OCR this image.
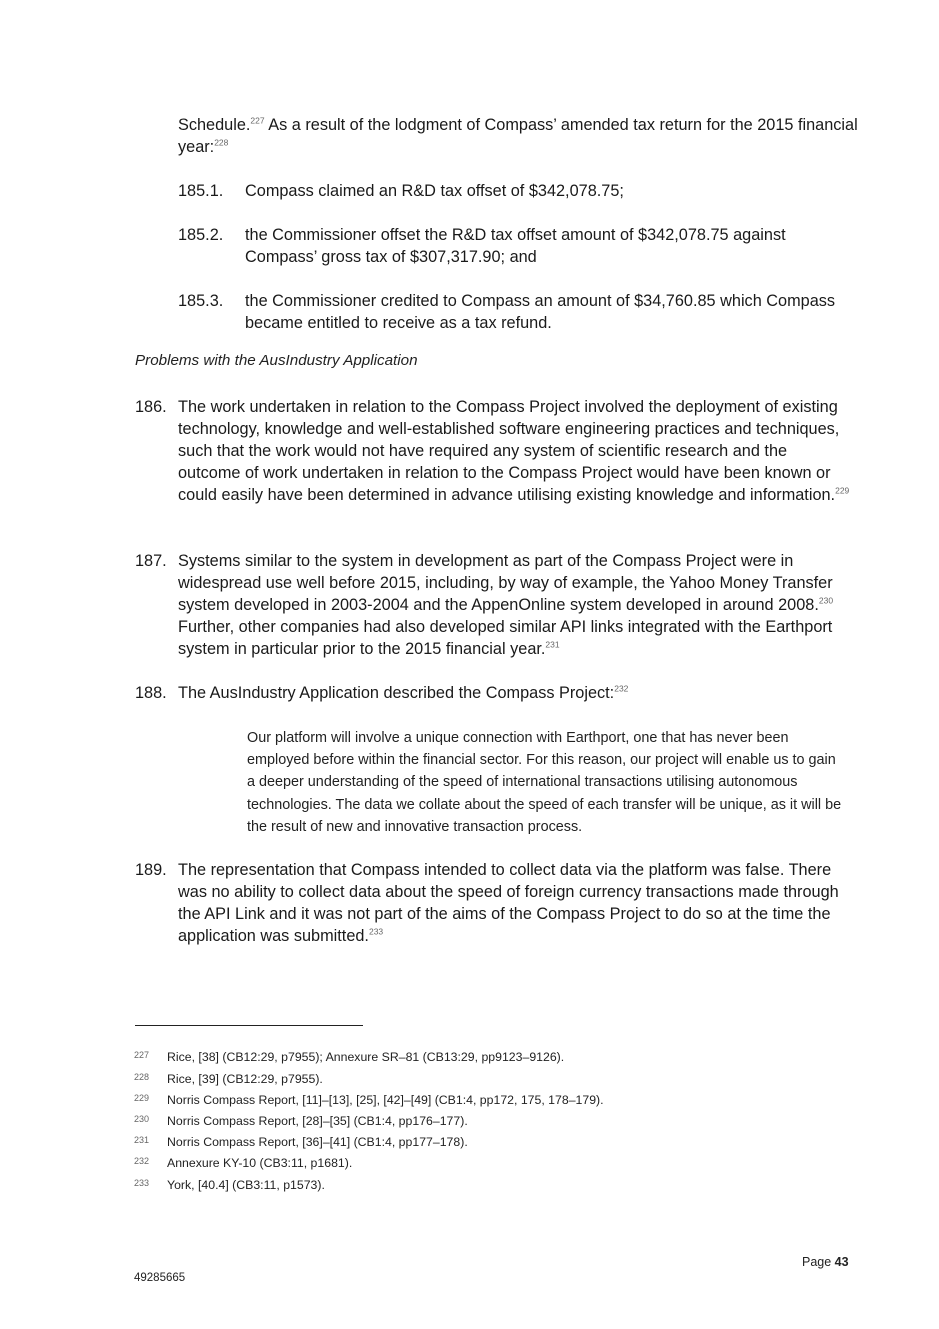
Schedule.$^{227}$ As a result of the lodgment of Compass’ amended tax return for the 2015 financial year:$^{228}$
185.1. Compass claimed an R&D tax offset of $342,078.75;
185.2. the Commissioner offset the R&D tax offset amount of $342,078.75 against Compass’ gross tax of $307,317.90; and
185.3. the Commissioner credited to Compass an amount of $34,760.85 which Compass became entitled to receive as a tax refund.
Problems with the AusIndustry Application
186. The work undertaken in relation to the Compass Project involved the deployment of existing technology, knowledge and well-established software engineering practices and techniques, such that the work would not have required any system of scientific research and the outcome of work undertaken in relation to the Compass Project would have been known or could easily have been determined in advance utilising existing knowledge and information.$^{229}$
187. Systems similar to the system in development as part of the Compass Project were in widespread use well before 2015, including, by way of example, the Yahoo Money Transfer system developed in 2003-2004 and the AppenOnline system developed in around 2008.$^{230}$ Further, other companies had also developed similar API links integrated with the Earthport system in particular prior to the 2015 financial year.$^{231}$
188. The AusIndustry Application described the Compass Project:$^{232}$
Our platform will involve a unique connection with Earthport, one that has never been employed before within the financial sector. For this reason, our project will enable us to gain a deeper understanding of the speed of international transactions utilising autonomous technologies. The data we collate about the speed of each transfer will be unique, as it will be the result of new and innovative transaction process.
189. The representation that Compass intended to collect data via the platform was false. There was no ability to collect data about the speed of foreign currency transactions made through the API Link and it was not part of the aims of the Compass Project to do so at the time the application was submitted.$^{233}$
227 Rice, [38] (CB12:29, p7955); Annexure SR–81 (CB13:29, pp9123–9126).
228 Rice, [39] (CB12:29, p7955).
229 Norris Compass Report, [11]–[13], [25], [42]–[49] (CB1:4, pp172, 175, 178–179).
230 Norris Compass Report, [28]–[35] (CB1:4, pp176–177).
231 Norris Compass Report, [36]–[41] (CB1:4, pp177–178).
232 Annexure KY-10 (CB3:11, p1681).
233 York, [40.4] (CB3:11, p1573).
Page 43
49285665
